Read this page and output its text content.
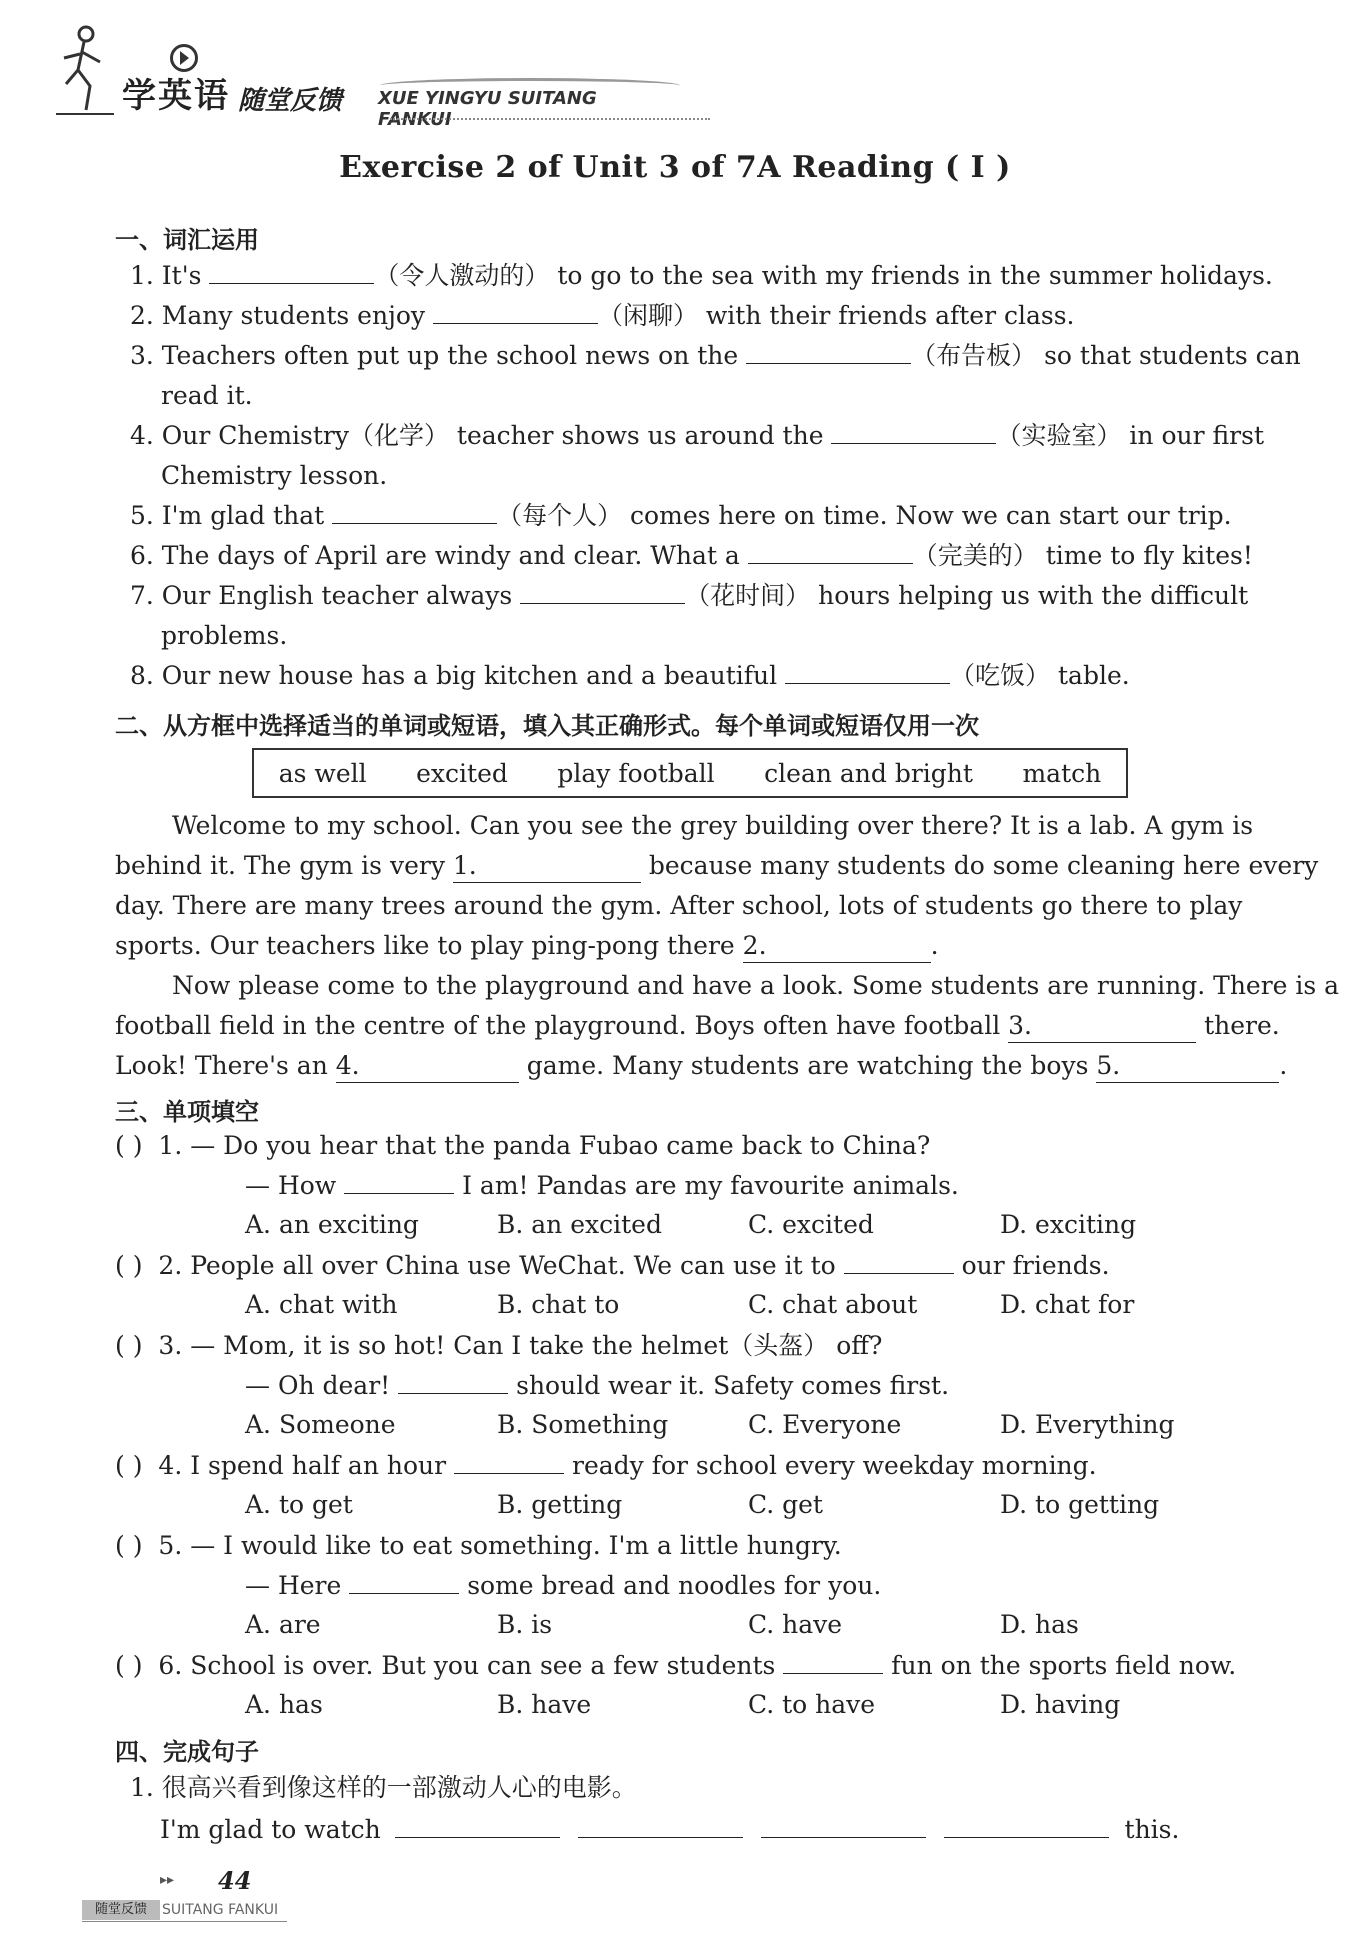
学英语 随堂反馈 XUE YINGYU SUITANG FANKUI
Exercise 2 of Unit 3 of 7A Reading ( Ⅰ )
一、词汇运用
1. It's	（令人激动的） to go to the sea with my friends in the summer holidays.
2. Many students enjoy	（闲聊） with their friends after class.
3. Teachers often put up the school news on the	（布告板） so that students can
read it.
4. Our Chemistry（化学） teacher shows us around the	（实验室） in our first
Chemistry lesson.
5. I'm glad that	（每个人） comes here on time. Now we can start our trip.
6. The days of April are windy and clear. What a	（完美的） time to fly kites!
7. Our English teacher always	（花时间） hours helping us with the difficult
problems.
8. Our new house has a big kitchen and a beautiful	（吃饭） table.
二、从方框中选择适当的单词或短语，填入其正确形式。每个单词或短语仅用一次
as well excited play football clean and bright match
Welcome to my school. Can you see the grey building over there? It is a lab. A gym is
behind it. The gym is very 1.	because many students do some cleaning here every
day. There are many trees around the gym. After school, lots of students go there to play
sports. Our teachers like to play ping-pong there 2.	.
Now please come to the playground and have a look. Some students are running. There is a
football field in the centre of the playground. Boys often have football 3.	there.
Look! There's an 4.	game. Many students are watching the boys 5.	.
三、单项填空
( ) 1. — Do you hear that the panda Fubao came back to China?
— How	I am! Pandas are my favourite animals.
A. an exciting	B. an excited	C. excited	D. exciting
( ) 2. People all over China use WeChat. We can use it to	our friends.
A. chat with	B. chat to	C. chat about	D. chat for
( ) 3. — Mom, it is so hot! Can I take the helmet（头盔） off?
— Oh dear!	should wear it. Safety comes first.
A. Someone	B. Something	C. Everyone	D. Everything
( ) 4. I spend half an hour	ready for school every weekday morning.
A. to get	B. getting	C. get	D. to getting
( ) 5. — I would like to eat something. I'm a little hungry.
— Here	some bread and noodles for you.
A. are	B. is	C. have	D. has
( ) 6. School is over. But you can see a few students	fun on the sports field now.
A. has	B. have	C. to have	D. having
四、完成句子
1. 很高兴看到像这样的一部激动人心的电影。
I'm glad to watch	this.
▸▸ 44
随堂反馈	SUITANG FANKUI
